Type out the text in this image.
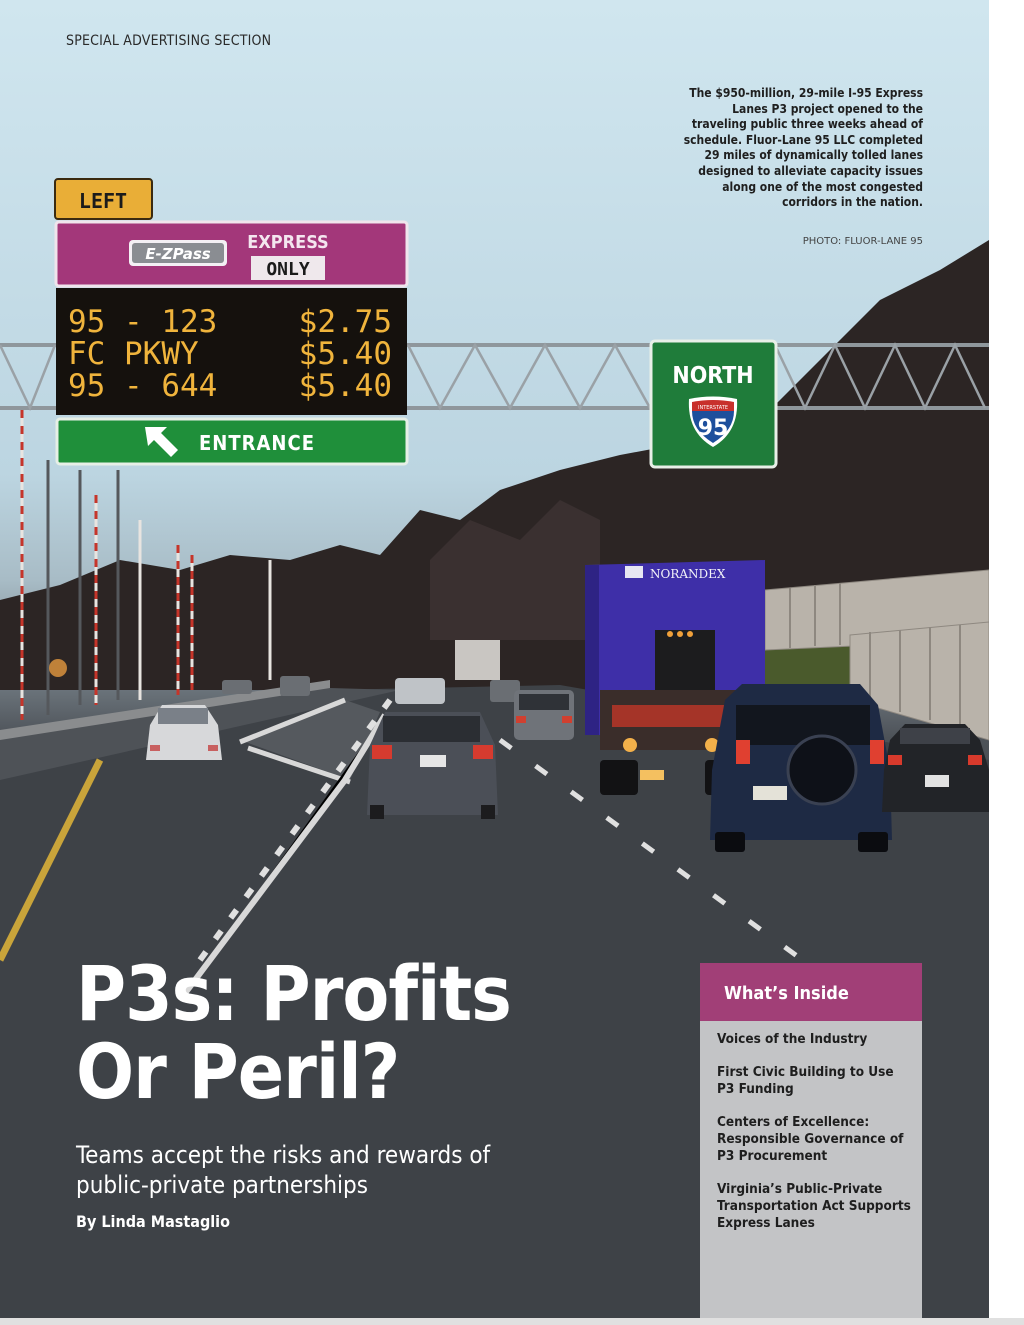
NORANDEX
LEFT
E-ZPass
EXPRESS
ONLY
95 - 123	$2.75
FC PKWY	$5.40
95 - 644	$5.40
ENTRANCE
NORTH
INTERSTATE
95
SPECIAL ADVERTISING SECTION
The $950-million, 29-mile I-95 Express Lanes P3 project opened to the traveling public three weeks ahead of schedule. Fluor-Lane 95 LLC completed 29 miles of dynamically tolled lanes designed to alleviate capacity issues along one of the most congested corridors in the nation.
PHOTO: FLUOR-LANE 95
P3s: Profits
Or Peril?

Teams accept the risks and rewards of public-private partnerships

By Linda Mastaglio
What’s Inside
Voices of the Industry
First Civic Building to Use P3 Funding
Centers of Excellence: Responsible Governance of P3 Procurement
Virginia’s Public-Private Transportation Act Supports Express Lanes
